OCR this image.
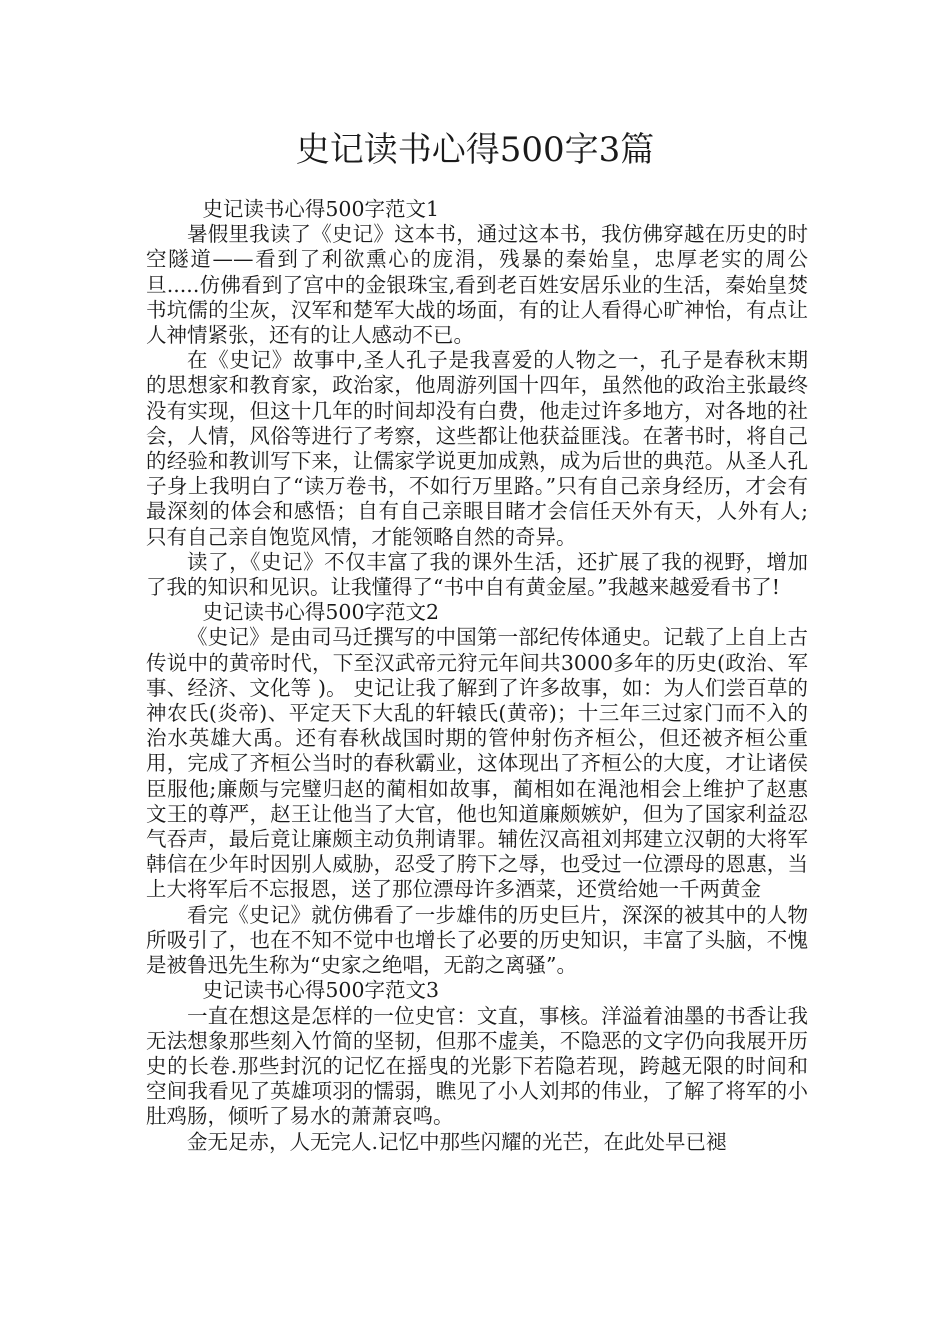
史记读书心得500字3篇

史记读书心得500字范文1

暑假里我读了《史记》这本书，通过这本书，我仿佛穿越在历史的时空隧道——看到了利欲熏心的庞涓，残暴的秦始皇，忠厚老实的周公旦.....仿佛看到了宫中的金银珠宝,看到老百姓安居乐业的生活，秦始皇焚书坑儒的尘灰，汉军和楚军大战的场面，有的让人看得心旷神怡，有点让人神情紧张，还有的让人感动不已。

在《史记》故事中,圣人孔子是我喜爱的人物之一，孔子是春秋末期的思想家和教育家，政治家，他周游列国十四年，虽然他的政治主张最终没有实现，但这十几年的时间却没有白费，他走过许多地方，对各地的社会，人情，风俗等进行了考察，这些都让他获益匪浅。在著书时，将自己的经验和教训写下来，让儒家学说更加成熟，成为后世的典范。从圣人孔子身上我明白了“读万卷书，不如行万里路。”只有自己亲身经历，才会有最深刻的体会和感悟；自有自己亲眼目睹才会信任天外有天，人外有人;只有自己亲自饱览风情，才能领略自然的奇异。

读了，《史记》不仅丰富了我的课外生活，还扩展了我的视野，增加了我的知识和见识。让我懂得了“书中自有黄金屋。”我越来越爱看书了!

史记读书心得500字范文2

《史记》是由司马迁撰写的中国第一部纪传体通史。记载了上自上古传说中的黄帝时代，下至汉武帝元狩元年间共3000多年的历史(政治、军事、经济、文化等 )。 史记让我了解到了许多故事，如：为人们尝百草的神农氏(炎帝)、平定天下大乱的轩辕氏(黄帝)；十三年三过家门而不入的治水英雄大禹。还有春秋战国时期的管仲射伤齐桓公，但还被齐桓公重用，完成了齐桓公当时的春秋霸业，这体现出了齐桓公的大度，才让诸侯臣服他;廉颇与完璧归赵的蔺相如故事，蔺相如在渑池相会上维护了赵惠文王的尊严，赵王让他当了大官，他也知道廉颇嫉妒，但为了国家利益忍气吞声，最后竟让廉颇主动负荆请罪。辅佐汉高祖刘邦建立汉朝的大将军韩信在少年时因别人威胁，忍受了胯下之辱，也受过一位漂母的恩惠，当上大将军后不忘报恩，送了那位漂母许多酒菜，还赏给她一千两黄金

看完《史记》就仿佛看了一步雄伟的历史巨片，深深的被其中的人物所吸引了，也在不知不觉中也增长了必要的历史知识，丰富了头脑，不愧是被鲁迅先生称为“史家之绝唱，无韵之离骚”。

史记读书心得500字范文3

一直在想这是怎样的一位史官：文直，事核。洋溢着油墨的书香让我无法想象那些刻入竹简的坚韧，但那不虚美，不隐恶的文字仍向我展开历史的长卷.那些封沉的记忆在摇曳的光影下若隐若现，跨越无限的时间和空间我看见了英雄项羽的懦弱，瞧见了小人刘邦的伟业，了解了将军的小肚鸡肠，倾听了易水的萧萧哀鸣。

金无足赤，人无完人.记忆中那些闪耀的光芒，在此处早已褪
